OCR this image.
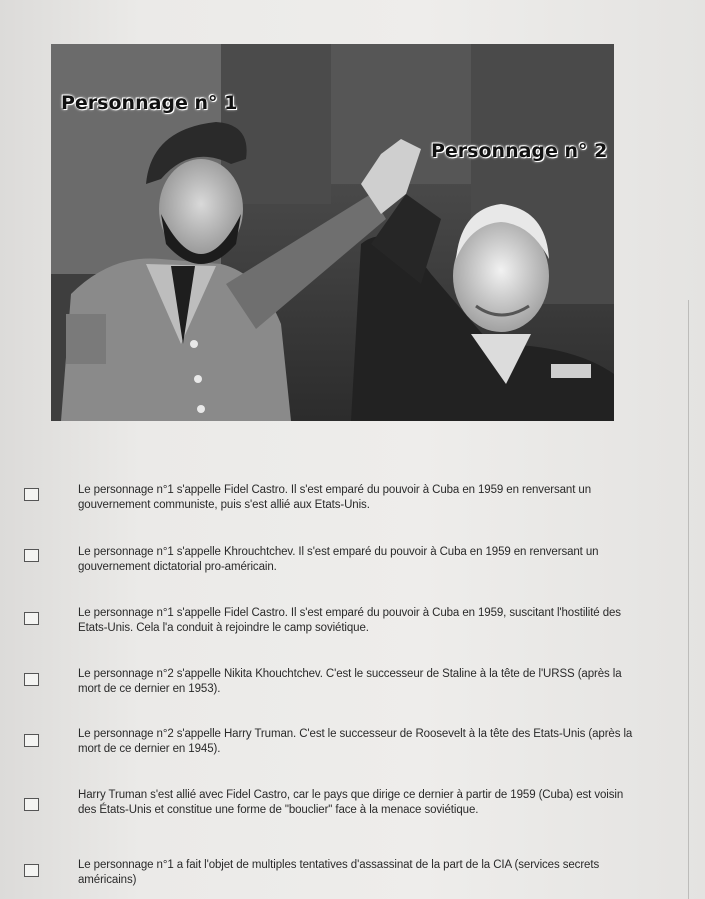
Personnage n° 1
Personnage n° 2
Le personnage n°1 s'appelle Fidel Castro. Il s'est emparé du pouvoir à Cuba en 1959 en renversant un gouvernement communiste, puis s'est allié aux Etats-Unis.
Le personnage n°1 s'appelle Khrouchtchev. Il s'est emparé du pouvoir à Cuba en 1959 en renversant un gouvernement dictatorial pro-américain.
Le personnage n°1 s'appelle Fidel Castro. Il s'est emparé du pouvoir à Cuba en 1959, suscitant l'hostilité des Etats-Unis. Cela l'a conduit à rejoindre le camp soviétique.
Le personnage n°2 s'appelle Nikita Khouchtchev. C'est le successeur de Staline à la tête de l'URSS (après la mort de ce dernier en 1953).
Le personnage n°2 s'appelle Harry Truman. C'est le successeur de Roosevelt à la tête des Etats-Unis (après la mort de ce dernier en 1945).
Harry Truman s'est allié avec Fidel Castro, car le pays que dirige ce dernier à partir de 1959 (Cuba) est voisin des États-Unis et constitue une forme de "bouclier" face à la menace soviétique.
Le personnage n°1 a fait l'objet de multiples tentatives d'assassinat de la part de la CIA (services secrets américains)
